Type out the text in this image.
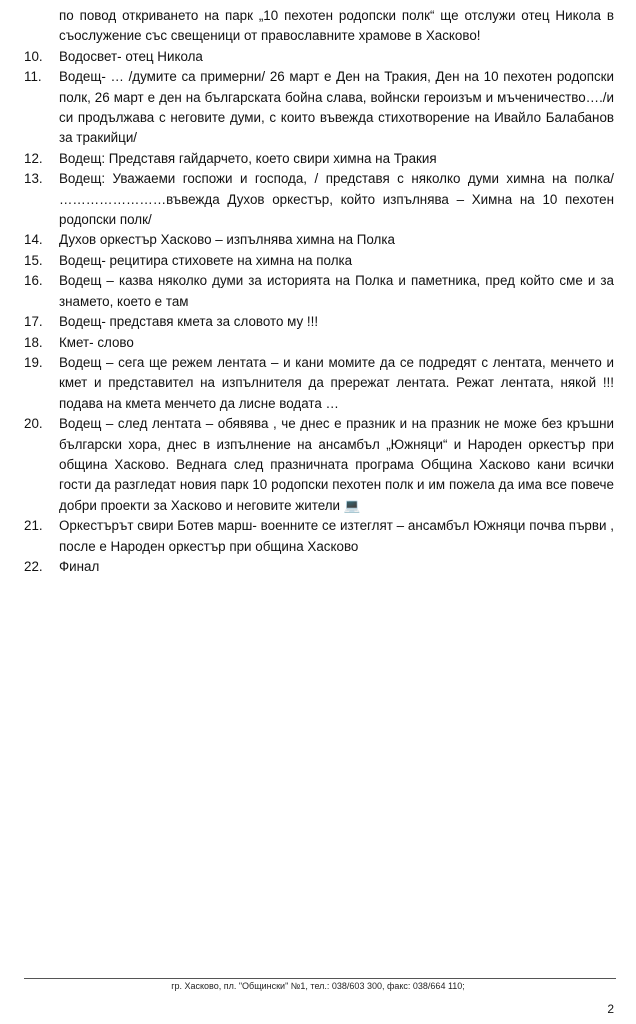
по повод откриването на парк „10 пехотен родопски полк“ ще отслужи отец Никола в съослужение със свещеници от православните храмове в Хасково!
10.	Водосвет- отец Никола
11.	Водещ- … /думите са примерни/ 26 март е Ден на Тракия, Ден на 10 пехотен родопски полк, 26 март е ден на българската бойна слава, войнски героизъм и мъченичество…./и си продължава с неговите думи, с които въвежда стихотворение на Ивайло Балабанов за тракийци/
12.	Водещ: Представя гайдарчето, което свири химна на Тракия
13.	Водещ: Уважаеми госпожи и господа, / представя с няколко думи химна на полка/ ……………………въвежда Духов оркестър, който изпълнява – Химна на 10 пехотен родопски полк/
14.	Духов оркестър Хасково – изпълнява химна на Полка
15.	Водещ- рецитира стиховете на химна на полка
16.	Водещ – казва няколко думи за историята на Полка и паметника, пред който сме и за знамето, което е там
17.	Водещ- представя кмета за словото му !!!
18.	Кмет- слово
19.	Водещ – сега ще режем лентата – и кани момите да се подредят с лентата, менчето и кмет и представител на изпълнителя да прережат лентата. Режат лентата, някой !!! подава на кмета менчето да лисне водата …
20.	Водещ – след лентата – обявява , че днес е празник и на празник не може без кръшни български хора, днес в изпълнение на ансамбъл „Южняци“ и Народен оркестър при община Хасково. Веднага след празничната програма Община Хасково кани всички гости да разгледат новия парк 10 родопски пехотен полк и им пожела да има все повече добри проекти за Хасково и неговите жители 💻
21.	Оркестърът свири Ботев марш- военните се изтеглят – ансамбъл Южняци почва първи , после е Народен оркестър при община Хасково
22.	Финал
гр. Хасково, пл. "Общински" №1, тел.: 038/603 300, факс: 038/664 110;
2
